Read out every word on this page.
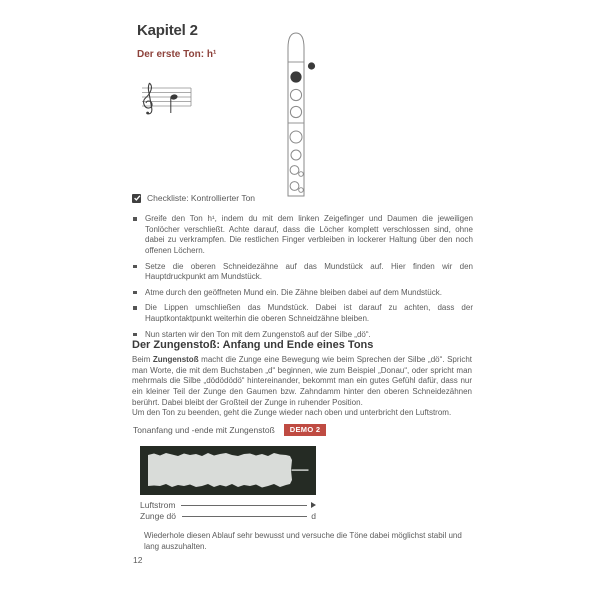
Kapitel 2
Der erste Ton: h¹
Checkliste: Kontrollierter Ton
Greife den Ton h¹, indem du mit dem linken Zeigefinger und Daumen die jeweiligen Tonlöcher verschließt. Achte darauf, dass die Löcher komplett verschlossen sind, ohne dabei zu verkrampfen. Die restlichen Finger verbleiben in lockerer Haltung über den noch offenen Löchern.
Setze die oberen Schneidezähne auf das Mundstück auf. Hier finden wir den Hauptdruckpunkt am Mundstück.
Atme durch den geöffneten Mund ein. Die Zähne bleiben dabei auf dem Mundstück.
Die Lippen umschließen das Mundstück. Dabei ist darauf zu achten, dass der Hauptkontaktpunkt weiterhin die oberen Schneidzähne bleiben.
Nun starten wir den Ton mit dem Zungenstoß auf der Silbe „dö“.
Der Zungenstoß: Anfang und Ende eines Tons

Beim Zungenstoß macht die Zunge eine Bewegung wie beim Sprechen der Silbe „dö“. Spricht man Worte, die mit dem Buchstaben „d“ beginnen, wie zum Beispiel „Donau“, oder spricht man mehrmals die Silbe „dödödödö“ hintereinander, bekommt man ein gutes Gefühl dafür, dass nur ein kleiner Teil der Zunge den Gaumen bzw. Zahndamm hinter den oberen Schneidezähnen berührt. Dabei bleibt der Großteil der Zunge in ruhender Position.
Um den Ton zu beenden, geht die Zunge wieder nach oben und unterbricht den Luftstrom.

Tonanfang und -ende mit Zungenstoß	DEMO 2
Luftstrom
Zunge dö	d

Wiederhole diesen Ablauf sehr bewusst und versuche die Töne dabei möglichst stabil und lang auszuhalten.

12
